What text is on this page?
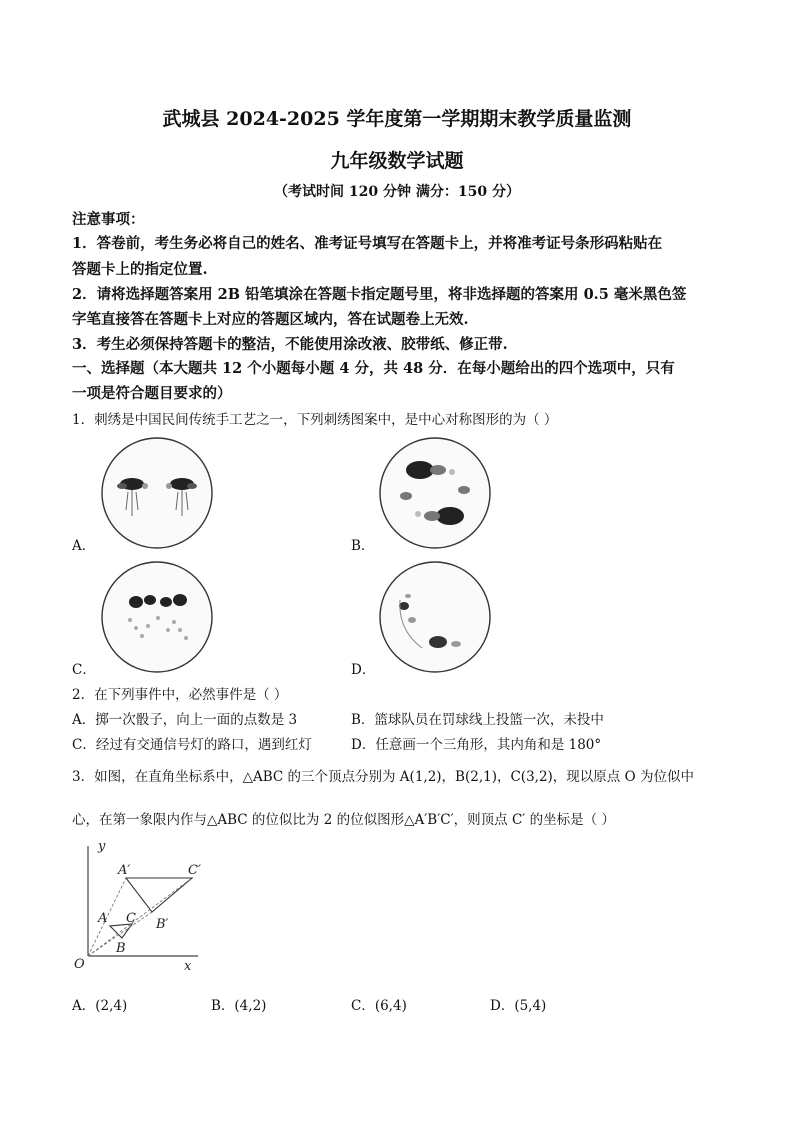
武城县 2024-2025 学年度第一学期期末教学质量监测
九年级数学试题
（考试时间 120 分钟 满分：150 分）
注意事项：
1．答卷前，考生务必将自己的姓名、准考证号填写在答题卡上，并将准考证号条形码粘贴在
答题卡上的指定位置.
2．请将选择题答案用 2B 铅笔填涂在答题卡指定题号里，将非选择题的答案用 0.5 毫米黑色签
字笔直接答在答题卡上对应的答题区域内，答在试题卷上无效.
3．考生必须保持答题卡的整洁，不能使用涂改液、胶带纸、修正带.
一、选择题（本大题共 12 个小题每小题 4 分，共 48 分．在每小题给出的四个选项中，只有
一项是符合题目要求的）
1．刺绣是中国民间传统手工艺之一，下列刺绣图案中，是中心对称图形的为（ ）
A．	B．
C．	D．
2．在下列事件中，必然事件是（ ）
A．掷一次骰子，向上一面的点数是 3	B．篮球队员在罚球线上投篮一次，未投中
C．经过有交通信号灯的路口，遇到红灯	D．任意画一个三角形，其内角和是 180°
3．如图，在直角坐标系中，△ABC 的三个顶点分别为 A(1,2)，B(2,1)，C(3,2)，现以原点 O 为位似中
心，在第一象限内作与△ABC 的位似比为 2 的位似图形△A′B′C′，则顶点 C′ 的坐标是（ ）
y
x
O
A
B
C
A′
B′
C′
A．(2,4)	B．(4,2)	C．(6,4)	D．(5,4)
